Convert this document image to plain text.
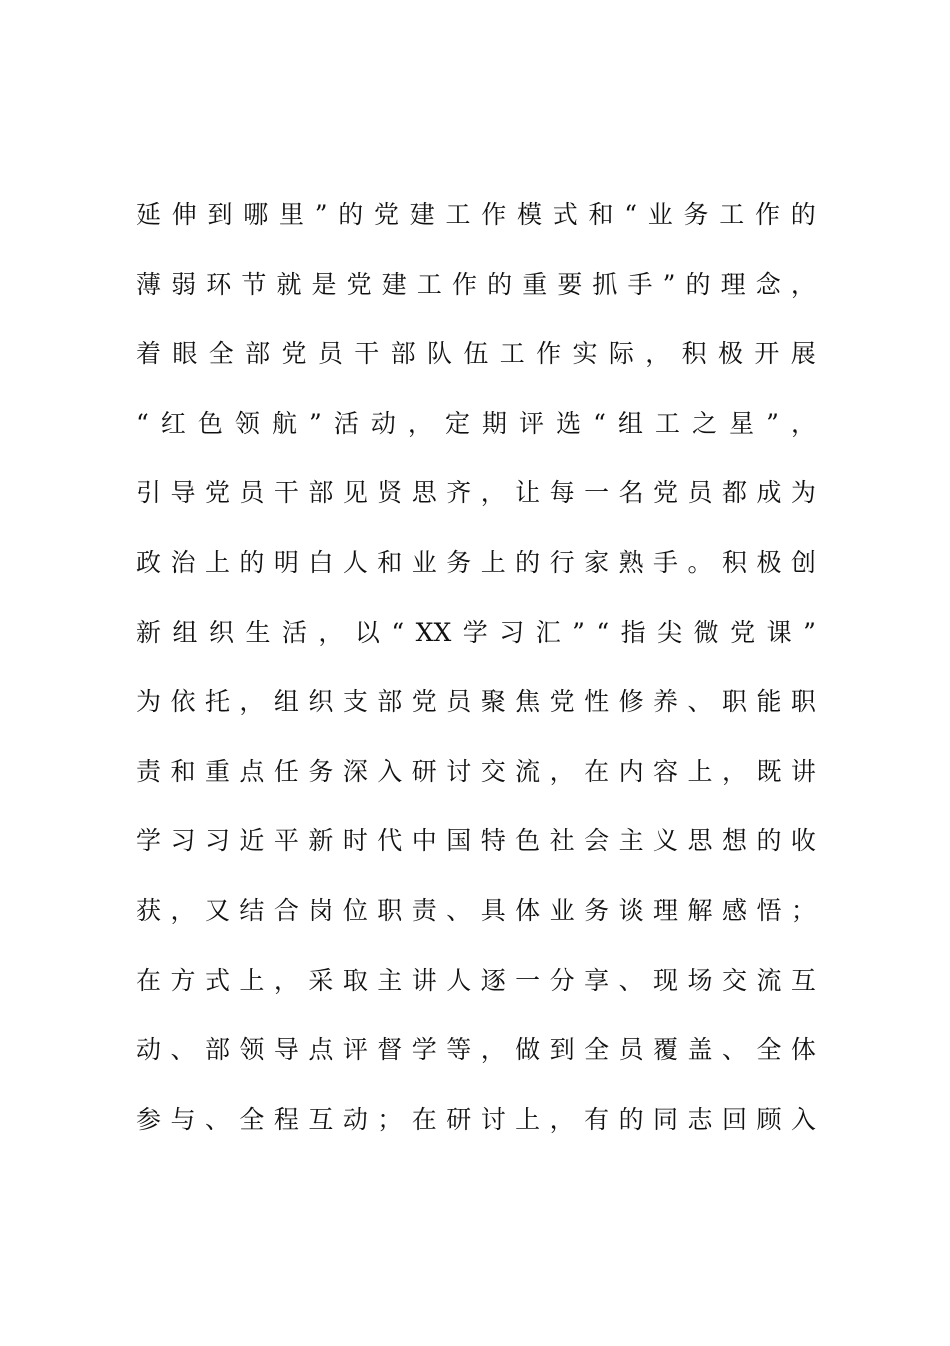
延 伸 到 哪 里 ” 的 党 建 工 作 模 式 和 “ 业 务 工 作 的
薄 弱 环 节 就 是 党 建 工 作 的 重 要 抓 手 ” 的 理 念 ，
着 眼 全 部 党 员 干 部 队 伍 工 作 实 际 ， 积 极 开 展
“ 红 色 领 航 ” 活 动 ， 定 期 评 选 “ 组 工 之 星 ” ，
引 导 党 员 干 部 见 贤 思 齐 ， 让 每 一 名 党 员 都 成 为
政 治 上 的 明 白 人 和 业 务 上 的 行 家 熟 手 。 积 极 创
新 组 织 生 活 ， 以 “ XX 学 习 汇 ” “ 指 尖 微 党 课 ”
为 依 托 ， 组 织 支 部 党 员 聚 焦 党 性 修 养 、 职 能 职
责 和 重 点 任 务 深 入 研 讨 交 流 ， 在 内 容 上 ， 既 讲
学 习 习 近 平 新 时 代 中 国 特 色 社 会 主 义 思 想 的 收
获 ， 又 结 合 岗 位 职 责 、 具 体 业 务 谈 理 解 感 悟 ；
在 方 式 上 ， 采 取 主 讲 人 逐 一 分 享 、 现 场 交 流 互
动 、 部 领 导 点 评 督 学 等 ， 做 到 全 员 覆 盖 、 全 体
参 与 、 全 程 互 动 ； 在 研 讨 上 ， 有 的 同 志 回 顾 入
